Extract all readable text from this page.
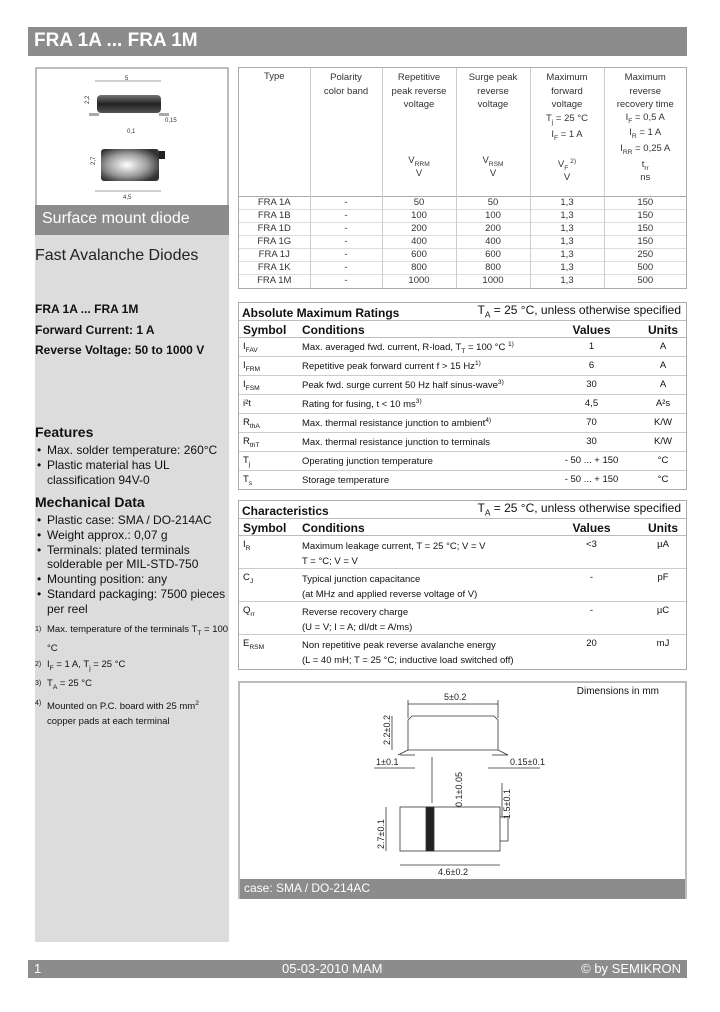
FRA 1A ... FRA 1M
5
2,2
0,15
0,1
2,7
4,5
Surface mount diode
Fast Avalanche Diodes
FRA 1A ... FRA 1M
Forward Current: 1 A
Reverse Voltage: 50 to 1000 V
Features
• Max. solder temperature: 260°C
• Plastic material has UL classification 94V-0
Mechanical Data
• Plastic case: SMA / DO-214AC
• Weight approx.: 0,07 g
• Terminals: plated terminals solderable per MIL-STD-750
• Mounting position: any
• Standard packaging: 7500 pieces per reel
1) Max. temperature of the terminals $T_T = 100$ °C
2) $I_F = 1$ A, $T_j = 25$ °C
3) $T_A = 25$ °C
4) Mounted on P.C. board with 25 $mm^2$ copper pads at each terminal
Type	Polarity color band

Repetitive peak reverse voltage
$V_{RRM}$
V

Surge peak reverse voltage
$V_{RSM}$
V

Maximum forward voltage
$T_j = 25$ °C
$I_F = 1$ A
$V_F$ $^{2)}$
V

Maximum reverse recovery time
$I_F = 0,5$ A
$I_R = 1$ A
$I_{RR} = 0,25$ A
$t_{rr}$
ns
FRA 1A	-	50	50	1,3	150
FRA 1B	-	100	100	1,3	150
FRA 1D	-	200	200	1,3	150
FRA 1G	-	400	400	1,3	150
FRA 1J	-	600	600	1,3	250
FRA 1K	-	800	800	1,3	500
FRA 1M	-	1000	1000	1,3	500
Absolute Maximum Ratings	$T_A = 25$ °C, unless otherwise specified
Symbol Conditions	Values	Units
$I_{FAV}$	Max. averaged fwd. current, R-load, $T_T = 100$ °C $^{1)}$	1	A
$I_{FRM}$	Repetitive peak forward current f > 15 Hz$^{1)}$	6	A
$I_{FSM}$	Peak fwd. surge current 50 Hz half sinus-wave$^{3)}$	30	A
i²t	Rating for fusing, t < 10 $ms^{3)}$	4,5	A²s
$R_{thA}$	Max. thermal resistance junction to ambient$^{4)}$	70	K/W
$R_{thT}$	Max. thermal resistance junction to terminals	30	K/W
$T_j$	Operating junction temperature	- 50 ... + 150	°C
$T_s$	Storage temperature	- 50 ... + 150	°C
Characteristics	$T_A = 25$ °C, unless otherwise specified
Symbol Conditions	Values	Units
$I_R$	Maximum leakage current, T = 25 °C; V = V
T = °C; V = V
<3	µA
$C_J$	Typical junction capacitance
(at MHz and applied reverse voltage of V)
-	pF
$Q_{rr}$	Reverse recovery charge
(U = V; I = A; dI/dt = A/ms)
-	µC
$E_{RSM}$	Non repetitive peak reverse avalanche energy
(L = 40 mH; T = 25 °C; inductive load switched off)
20	mJ
Dimensions in mm
5±0.2
2.2±0.2
1±0.1	0.15±0.1
0.1±0.05	1.5±0.1
2.7±0.1
4.6±0.2
case: SMA / DO-214AC
1	05-03-2010 MAM	© by SEMIKRON
